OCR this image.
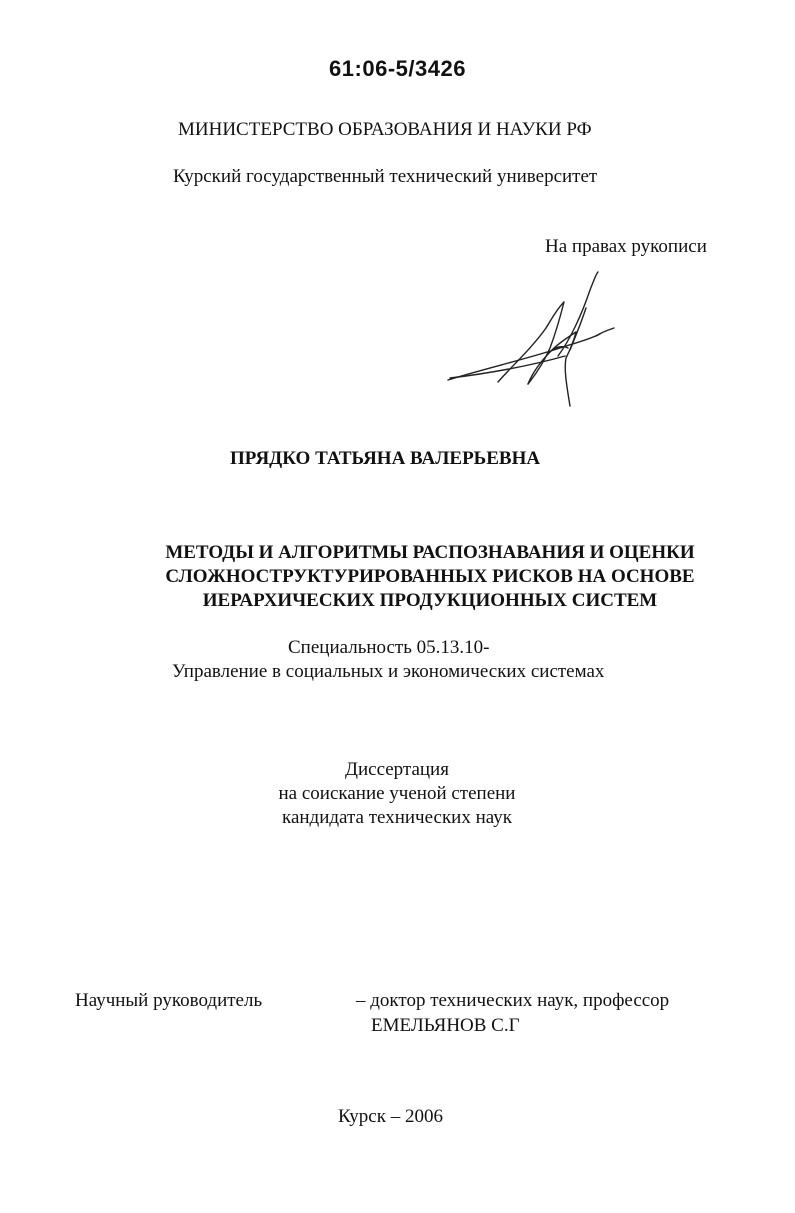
61:06-5/3426
МИНИСТЕРСТВО ОБРАЗОВАНИЯ И НАУКИ РФ
Курский государственный технический университет
На правах рукописи
ПРЯДКО ТАТЬЯНА ВАЛЕРЬЕВНА
МЕТОДЫ И АЛГОРИТМЫ РАСПОЗНАВАНИЯ И ОЦЕНКИ
СЛОЖНОСТРУКТУРИРОВАННЫХ РИСКОВ НА ОСНОВЕ
ИЕРАРХИЧЕСКИХ ПРОДУКЦИОННЫХ СИСТЕМ
Специальность 05.13.10-
Управление в социальных и экономических системах
Диссертация
на соискание ученой степени
кандидата технических наук
Научный руководитель	– доктор технических наук, профессор
ЕМЕЛЬЯНОВ С.Г
Курск – 2006
